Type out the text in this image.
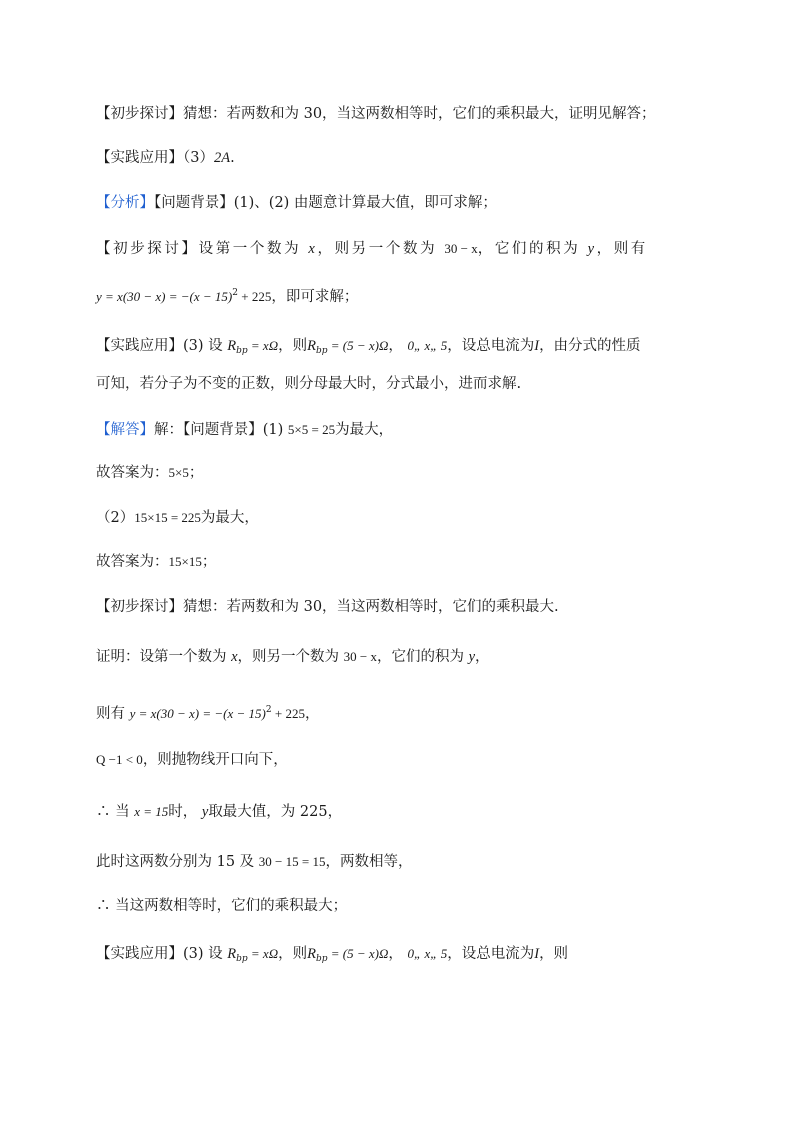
【初步探讨】猜想：若两数和为 30，当这两数相等时，它们的乘积最大，证明见解答；
【实践应用】（3）2A.
【分析】【问题背景】(1)、(2) 由题意计算最大值，即可求解；
【初步探讨】设第一个数为 x，则另一个数为 30 − x，它们的积为 y，则有
$y = x(30 - x) = -(x - 15)^2 + 225$，即可求解；
【实践应用】(3) 设 $R_{bp} = x\Omega$，则$R_{bp} = (5 - x)\Omega$， 0„ x„ 5，设总电流为I，由分式的性质
可知，若分子为不变的正数，则分母最大时，分式最小，进而求解.
【解答】解：【问题背景】(1) 5×5 = 25为最大，
故答案为：5×5；
（2）15×15 = 225为最大，
故答案为：15×15；
【初步探讨】猜想：若两数和为 30，当这两数相等时，它们的乘积最大.
证明：设第一个数为 x，则另一个数为 30 − x，它们的积为 y，
则有 $y = x(30 - x) = -(x - 15)^2 + 225$，
Q −1 < 0，则抛物线开口向下，
∴ 当 x = 15时， y取最大值，为 225，
此时这两数分别为 15 及 30 − 15 = 15，两数相等，
∴ 当这两数相等时，它们的乘积最大；
【实践应用】(3) 设 $R_{bp} = x\Omega$，则$R_{bp} = (5 - x)\Omega$， 0„ x„ 5，设总电流为I，则
